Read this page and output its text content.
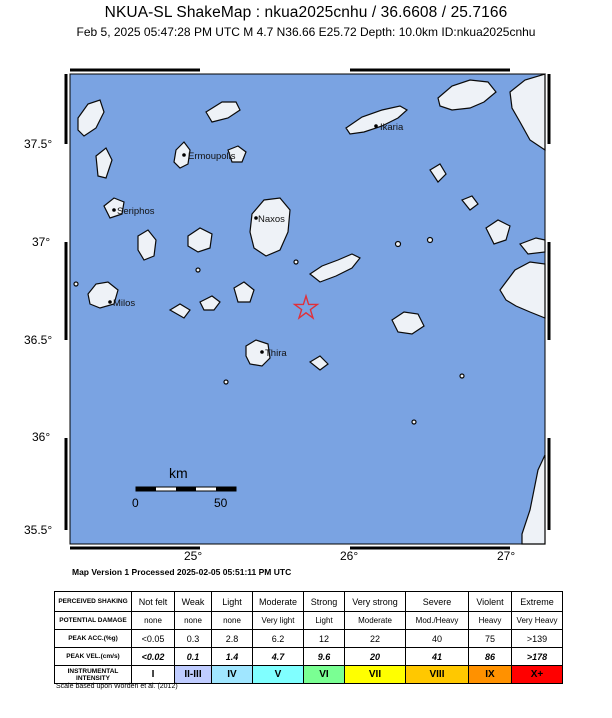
NKUA-SL ShakeMap : nkua2025cnhu / 36.6608 / 25.7166
Feb 5, 2025 05:47:28 PM UTC M 4.7 N36.66 E25.72 Depth: 10.0km ID:nkua2025cnhu
37.5°
37°
36.5°
36°
35.5°
25°	26°	27°
Ikaria
Ermoupolis
Seriphos
Naxos
Milos
Thira
km
0	50
Map Version 1 Processed 2025-02-05 05:51:11 PM UTC
PERCEIVED SHAKING	Not felt	Weak	Light	Moderate	Strong	Very strong	Severe	Violent	Extreme
POTENTIAL DAMAGE	none	none	none	Very light	Light	Moderate	Mod./Heavy	Heavy	Very Heavy
PEAK ACC.(%g)	<0.05	0.3	2.8	6.2	12	22	40	75	>139
PEAK VEL.(cm/s)	<0.02	0.1	1.4	4.7	9.6	20	41	86	>178
INSTRUMENTAL INTENSITY	I	II-III	IV	V	VI	VII	VIII	IX	X+
Scale based upon Worden et al. (2012)
